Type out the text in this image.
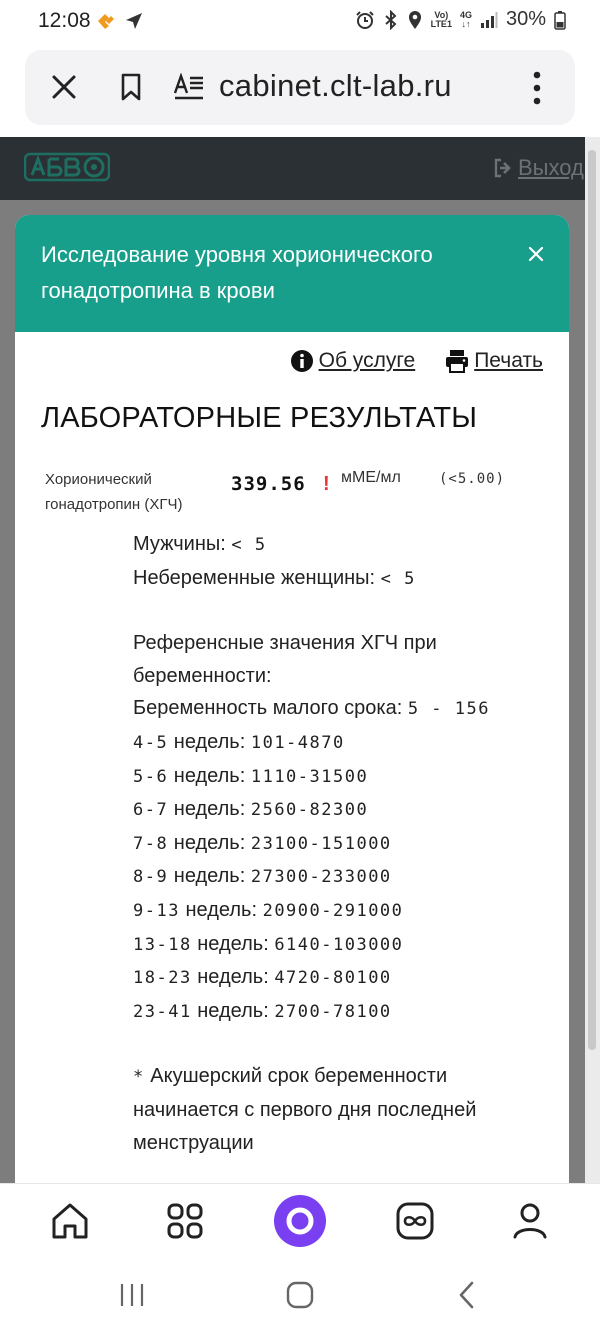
12:08	Vo)
LTE1
4G
↓↑ 30%
cabinet.clt-lab.ru
Выход
Исследование уровня хорионического гонадотропина в крови
Об услуге	Печать
ЛАБОРАТОРНЫЕ РЕЗУЛЬТАТЫ
Хорионический гонадотропин (ХГЧ)
339.56 ! мМЕ/мл	(<5.00)
Мужчины: < 5
Небеременные женщины: < 5
Референсные значения ХГЧ при беременности:
Беременность малого срока: 5 - 156
4-5 недель: 101-4870
5-6 недель: 1110-31500
6-7 недель: 2560-82300
7-8 недель: 23100-151000
8-9 недель: 27300-233000
9-13 недель: 20900-291000
13-18 недель: 6140-103000
18-23 недель: 4720-80100
23-41 недель: 2700-78100
* Акушерский срок беременности начинается с первого дня последней менструации
